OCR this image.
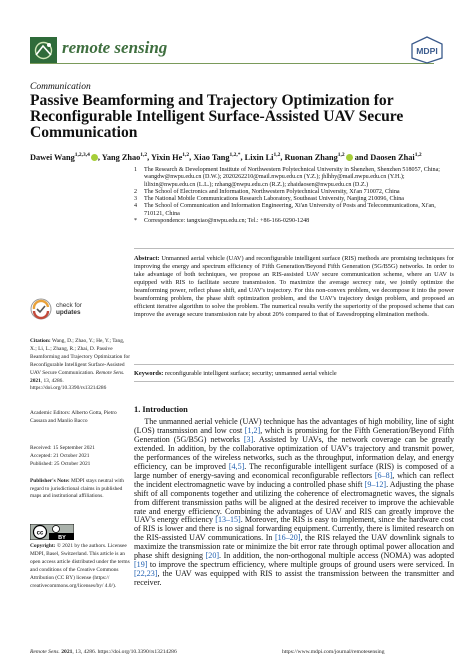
remote sensing	MDPI
Communication
Passive Beamforming and Trajectory Optimization for Reconfigurable Intelligent Surface-Assisted UAV Secure Communication
Dawei Wang$^{1,2,3,4}$ , Yang Zhao$^{1,2}$, Yixin He$^{1,2}$, Xiao Tang$^{1,2,*}$, Lixin Li$^{1,2}$, Ruonan Zhang$^{1,2}$ and Daosen Zhai$^{1,2}$
1	The Research & Development Institute of Northwestern Polytechnical University in Shenzhen, Shenzhen 518057, China; wangdw@nwpu.edu.cn (D.W.); 2020262210@mail.nwpu.edu.cn (Y.Z.); jhlhhy@mail.nwpu.edu.cn (Y.H.); lilixin@nwpu.edu.cn (L.L.); rzhang@nwpu.edu.cn (R.Z.); zhaidaosen@nwpu.edu.cn (D.Z.)
2	The School of Electronics and Information, Northwestern Polytechnical University, Xi'an 710072, China
3	The National Mobile Communications Research Laboratory, Southeast University, Nanjing 210096, China
4	The School of Communication and Information Engineering, Xi'an University of Posts and Telecommunications, Xi'an, 710121, China
*	Correspondence: tangxiao@nwpu.edu.cn; Tel.: +86-166-0290-1248
Abstract: Unmanned aerial vehicle (UAV) and reconfigurable intelligent surface (RIS) methods are promising techniques for improving the energy and spectrum efficiency of Fifth Generation/Beyond Fifth Generation (5G/B5G) networks. In order to take advantage of both techniques, we propose an RIS-assisted UAV secure communication scheme, where an UAV is equipped with RIS to facilitate secure transmission. To maximize the average secrecy rate, we jointly optimize the beamforming power, reflect phase shift, and UAV's trajectory. For this non-convex problem, we decompose it into the power beamforming problem, the phase shift optimization problem, and the UAV's trajectory design problem, and proposed an efficient iterative algorithm to solve the problem. The numerical results verify the superiority of the proposed scheme that can improve the average secure transmission rate by about 20% compared to that of Eavesdropping elimination methods.
Keywords: reconfigurable intelligent surface; security; unmanned aerial vehicle
check for
updates
Citation: Wang, D.; Zhao, Y.; He, Y.; Tang, X.; Li, L.; Zhang, R.; Zhai, D. Passive Beamforming and Trajectory Optimization for Reconfigurable Intelligent Surface-Assisted UAV Secure Communication. Remote Sens. 2021, 13, 4286. https://doi.org/10.3390/rs13214286
Academic Editors: Alberto Gotta, Pietro Cassara and Manlio Bacco
Received: 15 September 2021
Accepted: 21 October 2021
Published: 25 October 2021
Publisher's Note: MDPI stays neutral with regard to jurisdictional claims in published maps and institutional affiliations.
cc
BY
Copyright: © 2021 by the authors. Licensee MDPI, Basel, Switzerland. This article is an open access article distributed under the terms and conditions of the Creative Commons Attribution (CC BY) license (https:// creativecommons.org/licenses/by/ 4.0/).
1. Introduction
The unmanned aerial vehicle (UAV) technique has the advantages of high mobility, line of sight (LOS) transmission and low cost [1,2], which is promising for the Fifth Generation/Beyond Fifth Generation (5G/B5G) networks [3]. Assisted by UAVs, the network coverage can be greatly extended. In addition, by the collaborative optimization of UAV's trajectory and transmit power, the performances of the wireless networks, such as the throughput, information delay, and energy efficiency, can be improved [4,5]. The reconfigurable intelligent surface (RIS) is composed of a large number of energy-saving and economical reconfigurable reflectors [6–8], which can reflect the incident electromagnetic wave by inducing a controlled phase shift [9–12]. Adjusting the phase shift of all components together and utilizing the coherence of electromagnetic waves, the signals from different transmission paths will be aligned at the desired receiver to improve the achievable rate and energy efficiency. Combining the advantages of UAV and RIS can greatly improve the UAV's energy efficiency [13–15]. Moreover, the RIS is easy to implement, since the hardware cost of RIS is lower and there is no signal forwarding equipment. Currently, there is limited research on the RIS-assisted UAV communications. In [16–20], the RIS relayed the UAV downlink signals to maximize the transmission rate or minimize the bit error rate through optimal power allocation and phase shift designing [20]. In addition, the non-orthogonal multiple access (NOMA) was adopted [19] to improve the spectrum efficiency, where multiple groups of ground users were serviced. In [22,23], the UAV was equipped with RIS to assist the transmission between the transmitter and receiver.
Remote Sens. 2021, 13, 4286. https://doi.org/10.3390/rs13214286	https://www.mdpi.com/journal/remotesensing
